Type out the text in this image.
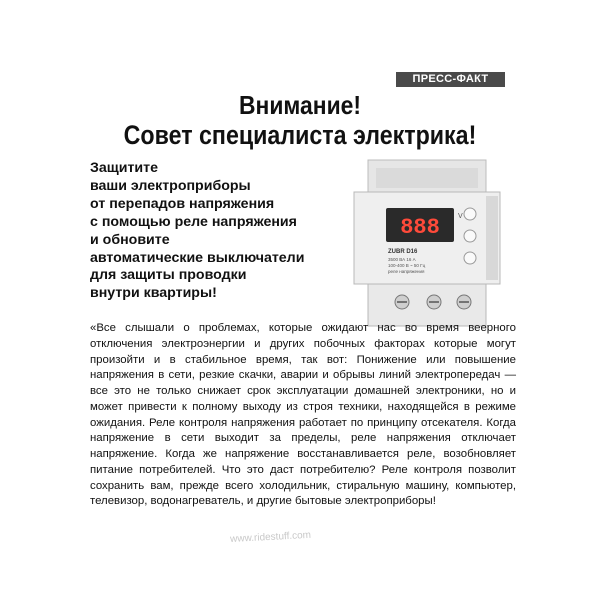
ПРЕСС-ФАКТ
Внимание!
Совет специалиста электрика!
Защитите
ваши электроприборы
от перепадов напряжения
с помощью реле напряжения
и обновите
автоматические выключатели
для защиты проводки
внутри квартиры!
888	V
ZUBR D16
3500 ВА 16 А
100-400 В ~ 50 Гц
реле напряжения
«Все слышали о проблемах, которые ожидают нас во время веерного отключения электроэнергии и других побочных факторах которые могут произойти и в стабильное время, так вот: Понижение или повышение напряжения в сети, резкие скачки, аварии и обрывы линий электропередач — все это не только снижает срок эксплуатации домашней электроники, но и может привести к полному выходу из строя техники, находящейся в режиме ожидания. Реле контроля напряжения работает по принципу отсекателя. Когда напряжение в сети выходит за пределы, реле напряжения отключает напряжение. Когда же напряжение восстанавливается реле, возобновляет питание потребителей. Что это даст потребителю? Реле контроля позволит сохранить вам, прежде всего холодильник, стиральную машину, компьютер, телевизор, водонагреватель, и другие бытовые электроприборы!
www.ridestuff.com
